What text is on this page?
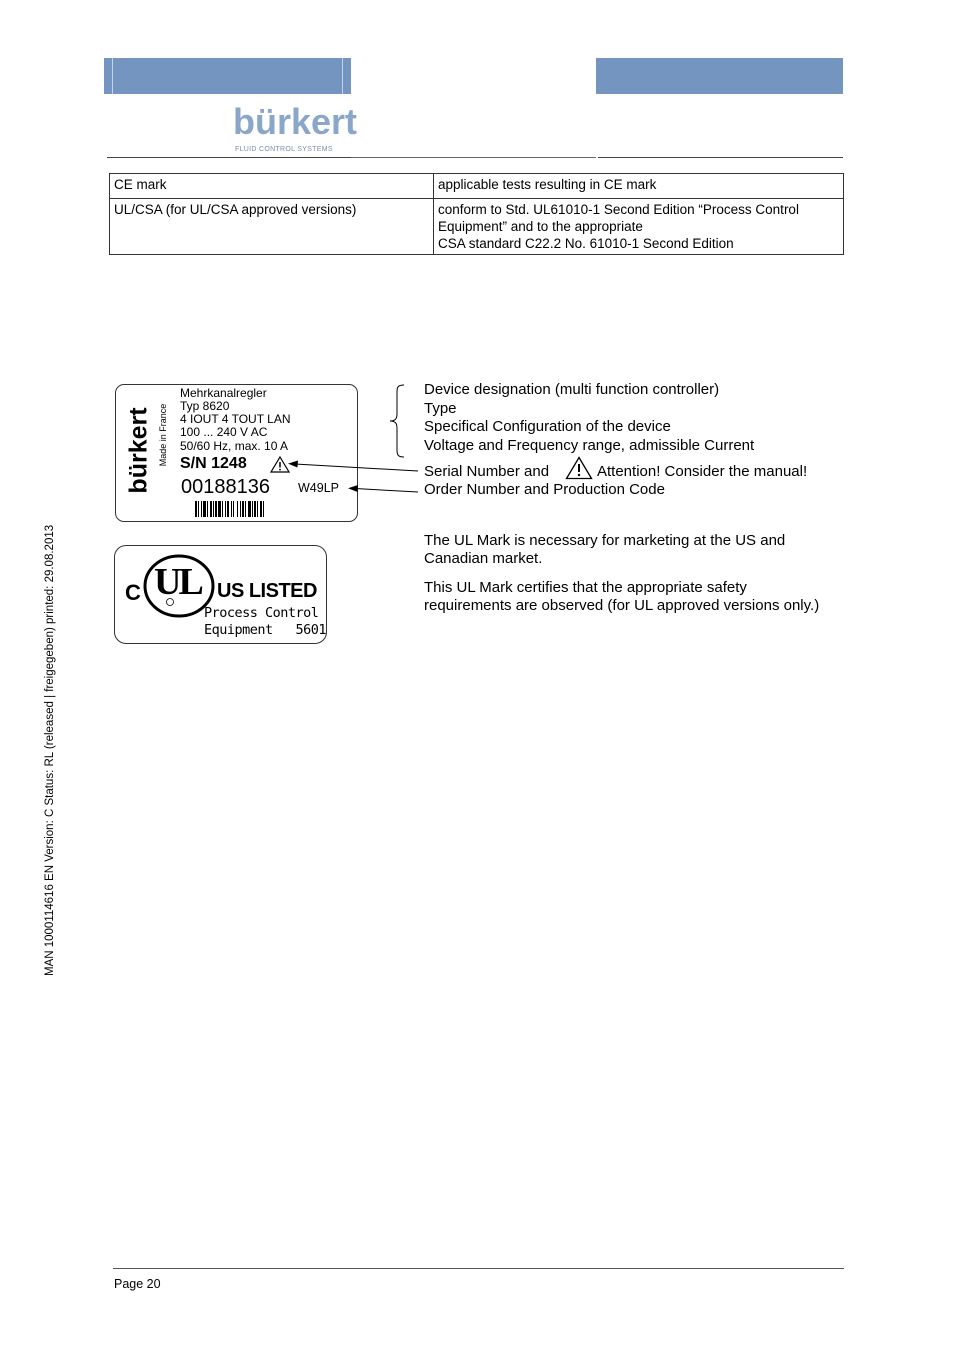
bürkert
FLUID CONTROL SYSTEMS
CE mark	applicable tests resulting in CE mark
UL/CSA (for UL/CSA approved versions)	conform to Std. UL61010-1 Second Edition “Process Control Equipment” and to the appropriate
CSA standard C22.2 No. 61010-1 Second Edition
bürkert Made in France
Mehrkanalregler
Typ 8620
4 IOUT 4 TOUT LAN
100 ... 240 V AC
50/60 Hz, max. 10 A
S/N 1248
00188136 W49LP
Device designation (multi function controller)
Type
Specifical Configuration of the device
Voltage and Frequency range, admissible Current
Serial Number and	Attention! Consider the manual!
Order Number and Production Code
C UL US LISTED
Process Control
Equipment   5601
The UL Mark is necessary for marketing at the US and Canadian market.
This UL Mark certifies that the appropriate safety requirements are observed (for UL approved versions only.)
MAN 1000114616 EN Version: C Status: RL (released | freigegeben) printed: 29.08.2013
Page 20
